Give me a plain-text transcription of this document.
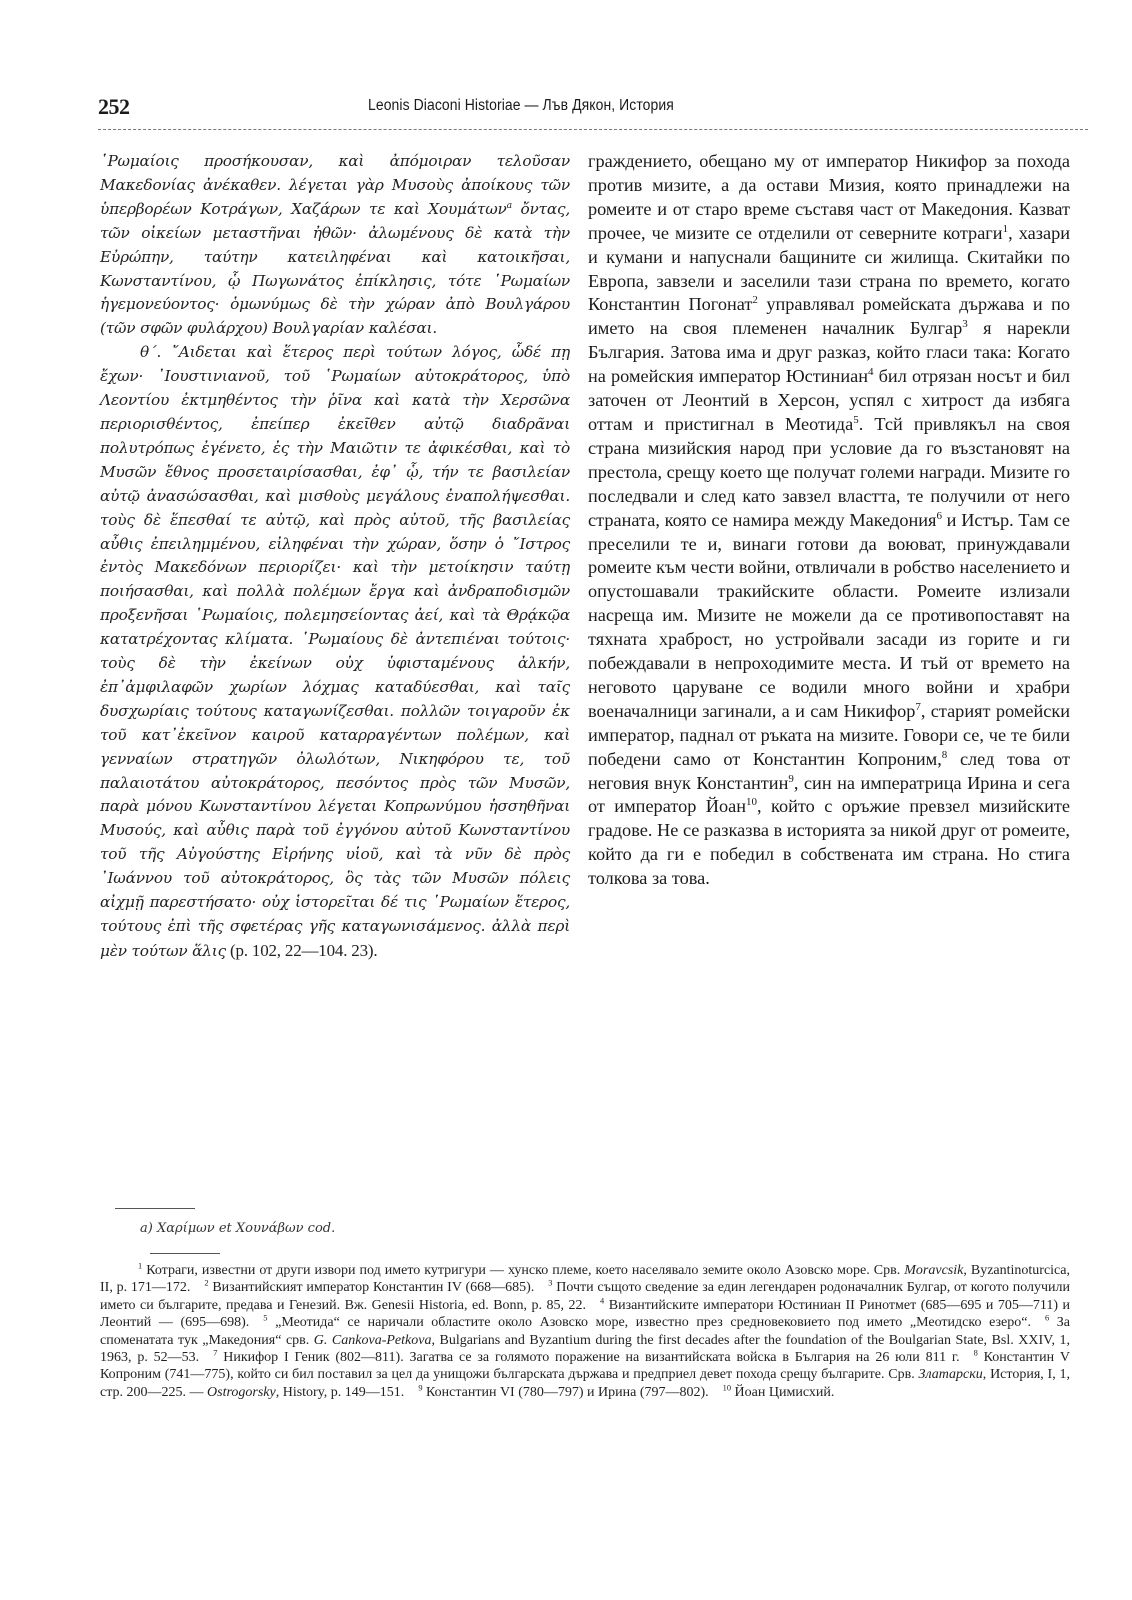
252	Leonis Diaconi Historiae — Лъв Дякон, История

῾Ρωμαίοις προσήκουσαν, καὶ ἀπόμοιραν τελοῦσαν Μακεδονίας ἀνέκαθεν. λέγεται γὰρ Μυσοὺς ἀποίκους τῶν ὑπερβορέων Κοτράγων, Χαζάρων τε καὶ Χουμάτων$^a$ ὄντας, τῶν οἰκείων μεταστῆναι ἠθῶν· ἀλωμένους δὲ κατὰ τὴν Εὐρώπην, ταύτην κατειληφέναι καὶ κατοικῆσαι, Κωνσταντίνου, ᾧ Πωγωνάτος ἐπίκλησις, τότε ῾Ρωμαίων ἡγεμονεύοντος· ὁμωνύμως δὲ τὴν χώραν ἀπὸ Βουλγάρου (τῶν σφῶν φυλάρχου) Βουλγαρίαν καλέσαι.

θ΄. ῎Αιδεται καὶ ἕτερος περὶ τούτων λόγος, ὧδέ πῃ ἔχων· ᾿Ιουστινιανοῦ, τοῦ ῾Ρωμαίων αὐτοκράτορος, ὑπὸ Λεοντίου ἐκτμηθέντος τὴν ῥῖνα καὶ κατὰ τὴν Χερσῶνα περιορισθέντος, ἐπείπερ ἐκεῖθεν αὐτῷ διαδρᾶναι πολυτρόπως ἐγένετο, ἐς τὴν Μαιῶτιν τε ἀφικέσθαι, καὶ τὸ Μυσῶν ἔθνος προσεταιρίσασθαι, ἐφ᾽ ᾧ, τήν τε βασιλείαν αὐτῷ ἀνασώσασθαι, καὶ μισθοὺς μεγάλους ἐναπολήψεσθαι. τοὺς δὲ ἕπεσθαί τε αὐτῷ, καὶ πρὸς αὐτοῦ, τῆς βασιλείας αὖθις ἐπειλημμένου, εἰληφέναι τὴν χώραν, ὅσην ὁ ῎Ιστρος ἐντὸς Μακεδόνων περιορίζει· καὶ τὴν μετοίκησιν ταύτῃ ποιήσασθαι, καὶ πολλὰ πολέμων ἔργα καὶ ἀνδραποδισμῶν προξενῆσαι ῾Ρωμαίοις, πολεμησείοντας ἀεί, καὶ τὰ Θρᾴκῷα κατατρέχοντας κλίματα. ῾Ρωμαίους δὲ ἀντεπιέναι τούτοις· τοὺς δὲ τὴν ἐκείνων οὐχ ὑφισταμένους ἀλκήν, ἐπ᾽ἀμφιλαφῶν χωρίων λόχμας καταδύεσθαι, καὶ ταῖς δυσχωρίαις τούτους καταγωνίζεσθαι. πολλῶν τοιγαροῦν ἐκ τοῦ κατ᾽ἐκεῖνον καιροῦ καταρραγέντων πολέμων, καὶ γενναίων στρατηγῶν ὀλωλότων, Νικηφόρου τε, τοῦ παλαιοτάτου αὐτοκράτορος, πεσόντος πρὸς τῶν Μυσῶν, παρὰ μόνου Κωνσταντίνου λέγεται Κοπρωνύμου ἡσσηθῆναι Μυσούς, καὶ αὖθις παρὰ τοῦ ἐγγόνου αὐτοῦ Κωνσταντίνου τοῦ τῆς Αὐγούστης Εἰρήνης υἱοῦ, καὶ τὰ νῦν δὲ πρὸς ᾿Ιωάννου τοῦ αὐτοκράτορος, ὃς τὰς τῶν Μυσῶν πόλεις αἰχμῇ παρεστήσατο· οὐχ ἱστορεῖται δέ τις ῾Ρωμαίων ἕτερος, τούτους ἐπὶ τῆς σφετέρας γῆς καταγωνισάμενος. ἀλλὰ περὶ μὲν τούτων ἅλις (p. 102, 22—104. 23).

граждението, обещано му от император Никифор за похода против мизите, а да остави Мизия, която принадлежи на ромеите и от старо време съставя част от Македония. Казват прочее, че мизите се отделили от северните котраги$^1$, хазари и кумани и напуснали бащините си жилища. Скитайки по Европа, завзели и заселили тази страна по времето, когато Константин Погонат$^2$ управлявал ромейската държава и по името на своя племенен началник Булгар$^3$ я нарекли България. Затова има и друг разказ, който гласи така: Когато на ромейския император Юстиниан$^4$ бил отрязан носът и бил заточен от Леонтий в Херсон, успял с хитрост да избяга оттам и пристигнал в Меотида$^5$. Тсй привлякъл на своя страна мизийския народ при условие да го възстановят на престола, срещу което ще получат големи награди. Мизите го последвали и след като завзел властта, те получили от него страната, която се намира между Македония$^6$ и Истър. Там се преселили те и, винаги готови да воюват, принуждавали ромеите към чести войни, отвличали в робство населението и опустошавали тракийските области. Ромеите излизали насреща им. Мизите не можели да се противопоставят на тяхната храброст, но устройвали засади из горите и ги побеждавали в непроходимите места. И тъй от времето на неговото царуване се водили много войни и храбри военачалници загинали, а и сам Никифор$^7$, старият ромейски император, паднал от ръката на мизите. Говори се, че те били победени само от Константин Копроним,$^8$ след това от неговия внук Константин$^9$, син на императрица Ирина и сега от император Йоан$^{10}$, който с оръжие превзел мизийските градове. Не се разказва в историята за никой друг от ромеите, който да ги е победил в собствената им страна. Но стига толкова за това.

a) Χαρίμων et Χουνάβων cod.

$^1$ Котраги, известни от други извори под името кутригури — хунско племе, което населявало земите около Азовско море. Срв. Moravcsik, Byzantinoturcica, II, p. 171—172. $^2$ Византийският император Константин IV (668—685). $^3$ Почти същото сведение за един легендарен родоначалник Булгар, от когото получили името си българите, предава и Генезий. Вж. Genesii Historia, ed. Bonn, p. 85, 22. $^4$ Византийските императори Юстиниан II Ринотмет (685—695 и 705—711) и Леонтий — (695—698). $^5$ „Меотида“ се наричали областите около Азовско море, известно през средновековието под името „Меотидско езеро“. $^6$ За споменатата тук „Македония“ срв. G. Cankova-Petkova, Bulgarians and Byzantium during the first decades after the foundation of the Boulgarian State, Bsl. XXIV, 1, 1963, p. 52—53. $^7$ Никифор I Геник (802—811). Загатва се за голямото поражение на византийската войска в България на 26 юли 811 г. $^8$ Константин V Копроним (741—775), който си бил поставил за цел да унищожи българската държава и предприел девет похода срещу българите. Срв. Златарски, История, I, 1, стр. 200—225. — Ostrogorsky, History, p. 149—151. $^9$ Константин VI (780—797) и Ирина (797—802). $^{10}$ Йоан Цимисхий.
